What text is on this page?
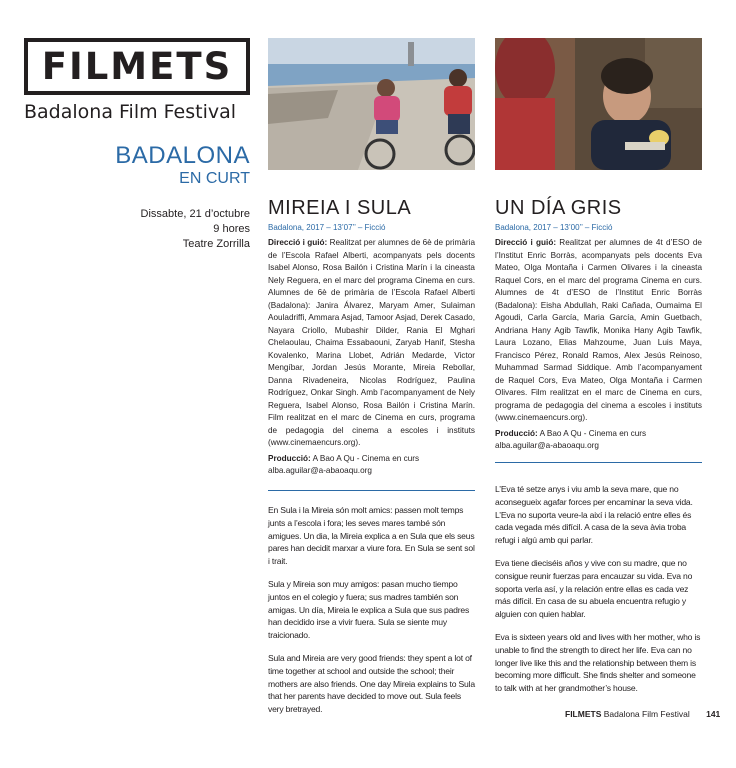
FILMETS
Badalona Film Festival
BADALONA
EN CURT
Dissabte, 21 d’octubre
9 hores
Teatre Zorrilla
MIREIA I SULA
Badalona, 2017 – 13’07’’ – Ficció
Direcció i guió: Realitzat per alumnes de 6è de primària de l’Escola Rafael Alberti, acompanyats pels docents Isabel Alonso, Rosa Bailón i Cristina Marín i la cineasta Nely Reguera, en el marc del programa Cinema en curs. Alumnes de 6è de primària de l’Escola Rafael Alberti (Badalona): Janira Álvarez, Maryam Amer, Sulaiman Aouladriffi, Ammara Asjad, Tamoor Asjad, Derek Casado, Nayara Criollo, Mubashir Dilder, Rania El Mghari Chelaoulau, Chaima Essabaouni, Zaryab Hanif, Stesha Kovalenko, Marina Llobet, Adrián Medarde, Victor Mengíbar, Jordan Jesús Morante, Mireia Rebollar, Danna Rivadeneira, Nicolas Rodríguez, Paulina Rodríguez, Onkar Singh. Amb l’acompanyament de Nely Reguera, Isabel Alonso, Rosa Bailón i Cristina Marín. Film realitzat en el marc de Cinema en curs, programa de pedagogia del cinema a escoles i instituts (www.cinemaencurs.org).
Producció: A Bao A Qu - Cinema en curs
alba.aguilar@a-abaoaqu.org

En Sula i la Mireia són molt amics: passen molt temps junts a l’escola i fora; les seves mares també són amigues. Un dia, la Mireia explica a en Sula que els seus pares han decidit marxar a viure fora. En Sula se sent sol i trait.

Sula y Mireia son muy amigos: pasan mucho tiempo juntos en el colegio y fuera; sus madres también son amigas. Un día, Mireia le explica a Sula que sus padres han decidido irse a vivir fuera. Sula se siente muy traicionado.

Sula and Mireia are very good friends: they spent a lot of time together at school and outside the school; their mothers are also friends. One day Mireia explains to Sula that her parents have decided to move out. Sula feels very bretrayed.

UN DÍA GRIS
Badalona, 2017 – 13’00’’ – Ficció
Direcció i guió: Realitzat per alumnes de 4t d’ESO de l’Institut Enric Borràs, acompanyats pels docents Eva Mateo, Olga Montaña i Carmen Olivares i la cineasta Raquel Cors, en el marc del programa Cinema en curs. Alumnes de 4t d’ESO de l’Institut Enric Borràs (Badalona): Eisha Abdullah, Raki Cañada, Oumaima El Agoudi, Carla García, Maria García, Amin Guetbach, Andriana Hany Agib Tawfik, Monika Hany Agib Tawfik, Laura Lozano, Elias Mahzoume, Juan Luis Maya, Francisco Pérez, Ronald Ramos, Alex Jesús Reinoso, Muhammad Sarmad Siddique. Amb l’acompanyament de Raquel Cors, Eva Mateo, Olga Montaña i Carmen Olivares. Film realitzat en el marc de Cinema en curs, programa de pedagogia del cinema a escoles i instituts (www.cinemaencurs.org).
Producció: A Bao A Qu - Cinema en curs
alba.aguilar@a-abaoaqu.org

L’Eva té setze anys i viu amb la seva mare, que no aconsegueix agafar forces per encaminar la seva vida. L’Eva no suporta veure-la així i la relació entre elles és cada vegada més difícil. A casa de la seva àvia troba refugi i algú amb qui parlar.

Eva tiene dieciséis años y vive con su madre, que no consigue reunir fuerzas para encauzar su vida. Eva no soporta verla así, y la relación entre ellas es cada vez más difícil. En casa de su abuela encuentra refugio y alguien con quien hablar.

Eva is sixteen years old and lives with her mother, who is unable to find the strength to direct her life. Eva can no longer live like this and the relationship between them is becoming more difficult. She finds shelter and someone to talk with at her grandmother’s house.

FILMETS Badalona Film Festival 141
